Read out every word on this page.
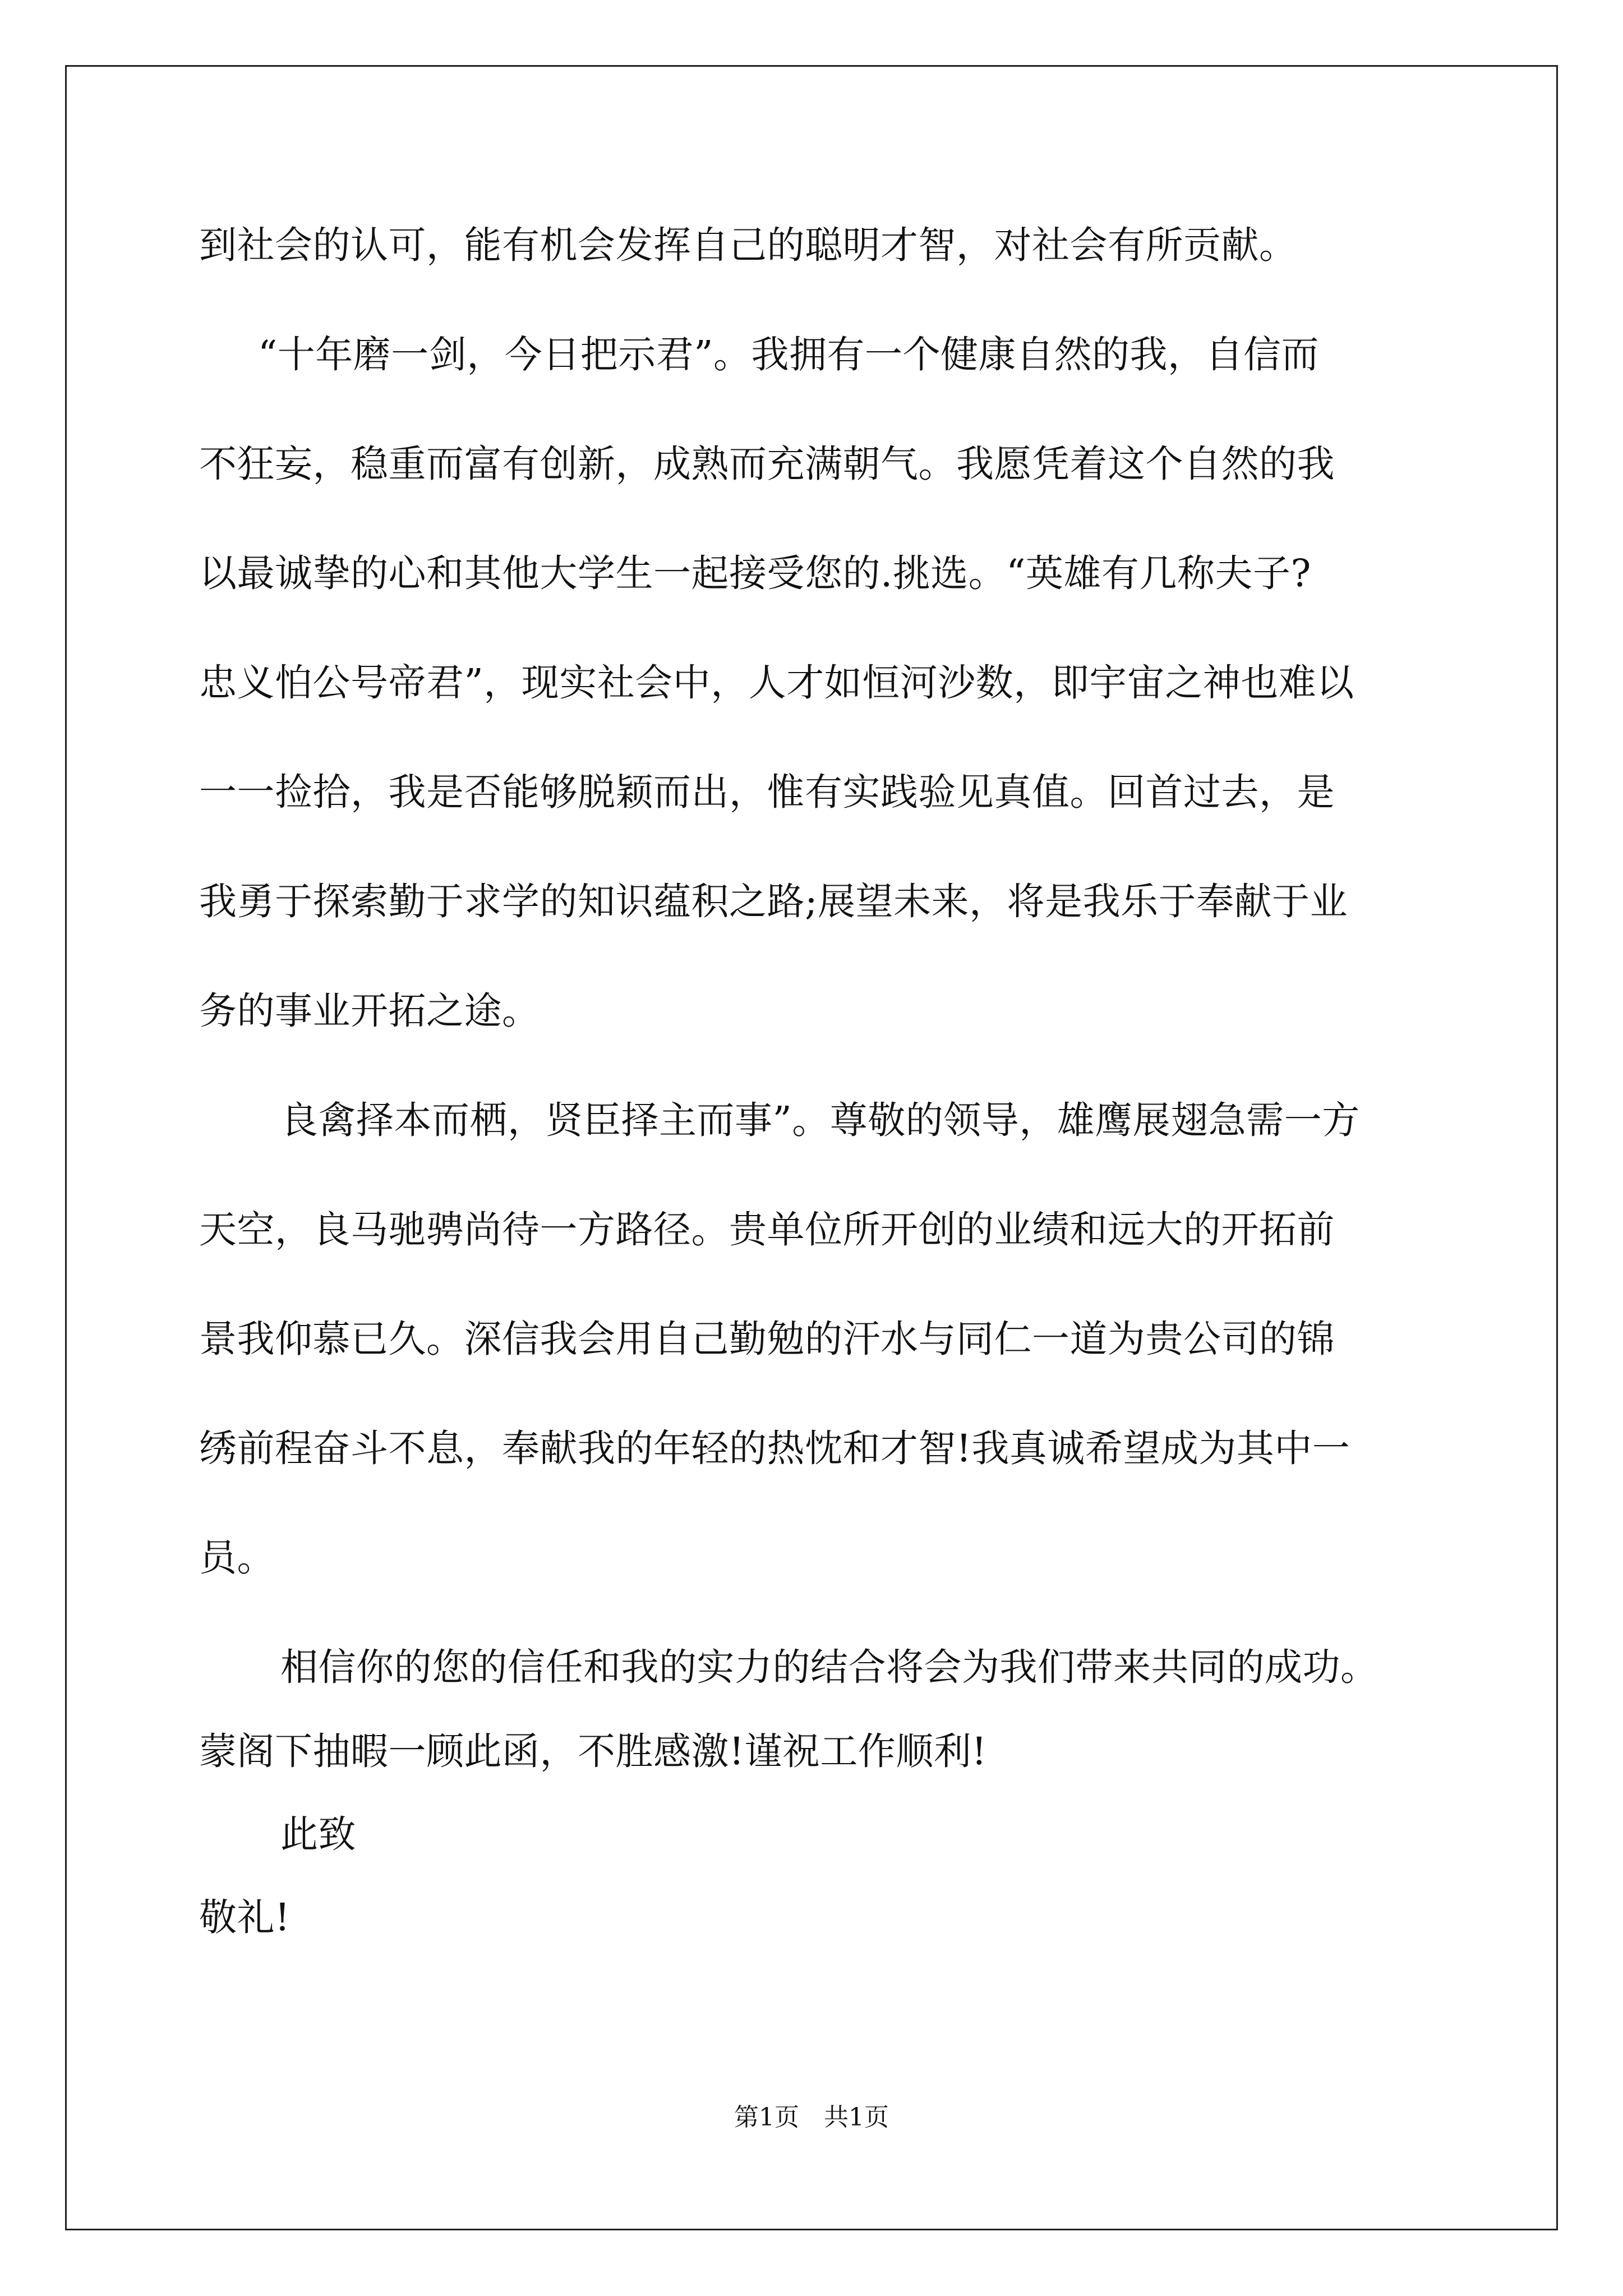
到社会的认可，能有机会发挥自己的聪明才智，对社会有所贡献。

“十年磨一剑，今日把示君”。我拥有一个健康自然的我，自信而

不狂妄，稳重而富有创新，成熟而充满朝气。我愿凭着这个自然的我

以最诚挚的心和其他大学生一起接受您的.挑选。“英雄有几称夫子?

忠义怕公号帝君”，现实社会中，人才如恒河沙数，即宇宙之神也难以

一一捡拾，我是否能够脱颖而出，惟有实践验见真值。回首过去，是

我勇于探索勤于求学的知识蕴积之路;展望未来，将是我乐于奉献于业

务的事业开拓之途。

良禽择本而栖，贤臣择主而事”。尊敬的领导，雄鹰展翅急需一方

天空，良马驰骋尚待一方路径。贵单位所开创的业绩和远大的开拓前

景我仰慕已久。深信我会用自己勤勉的汗水与同仁一道为贵公司的锦

绣前程奋斗不息，奉献我的年轻的热忱和才智!我真诚希望成为其中一

员。

相信你的您的信任和我的实力的结合将会为我们带来共同的成功。

蒙阁下抽暇一顾此函，不胜感激!谨祝工作顺利!

此致

敬礼!

第1页 共1页
